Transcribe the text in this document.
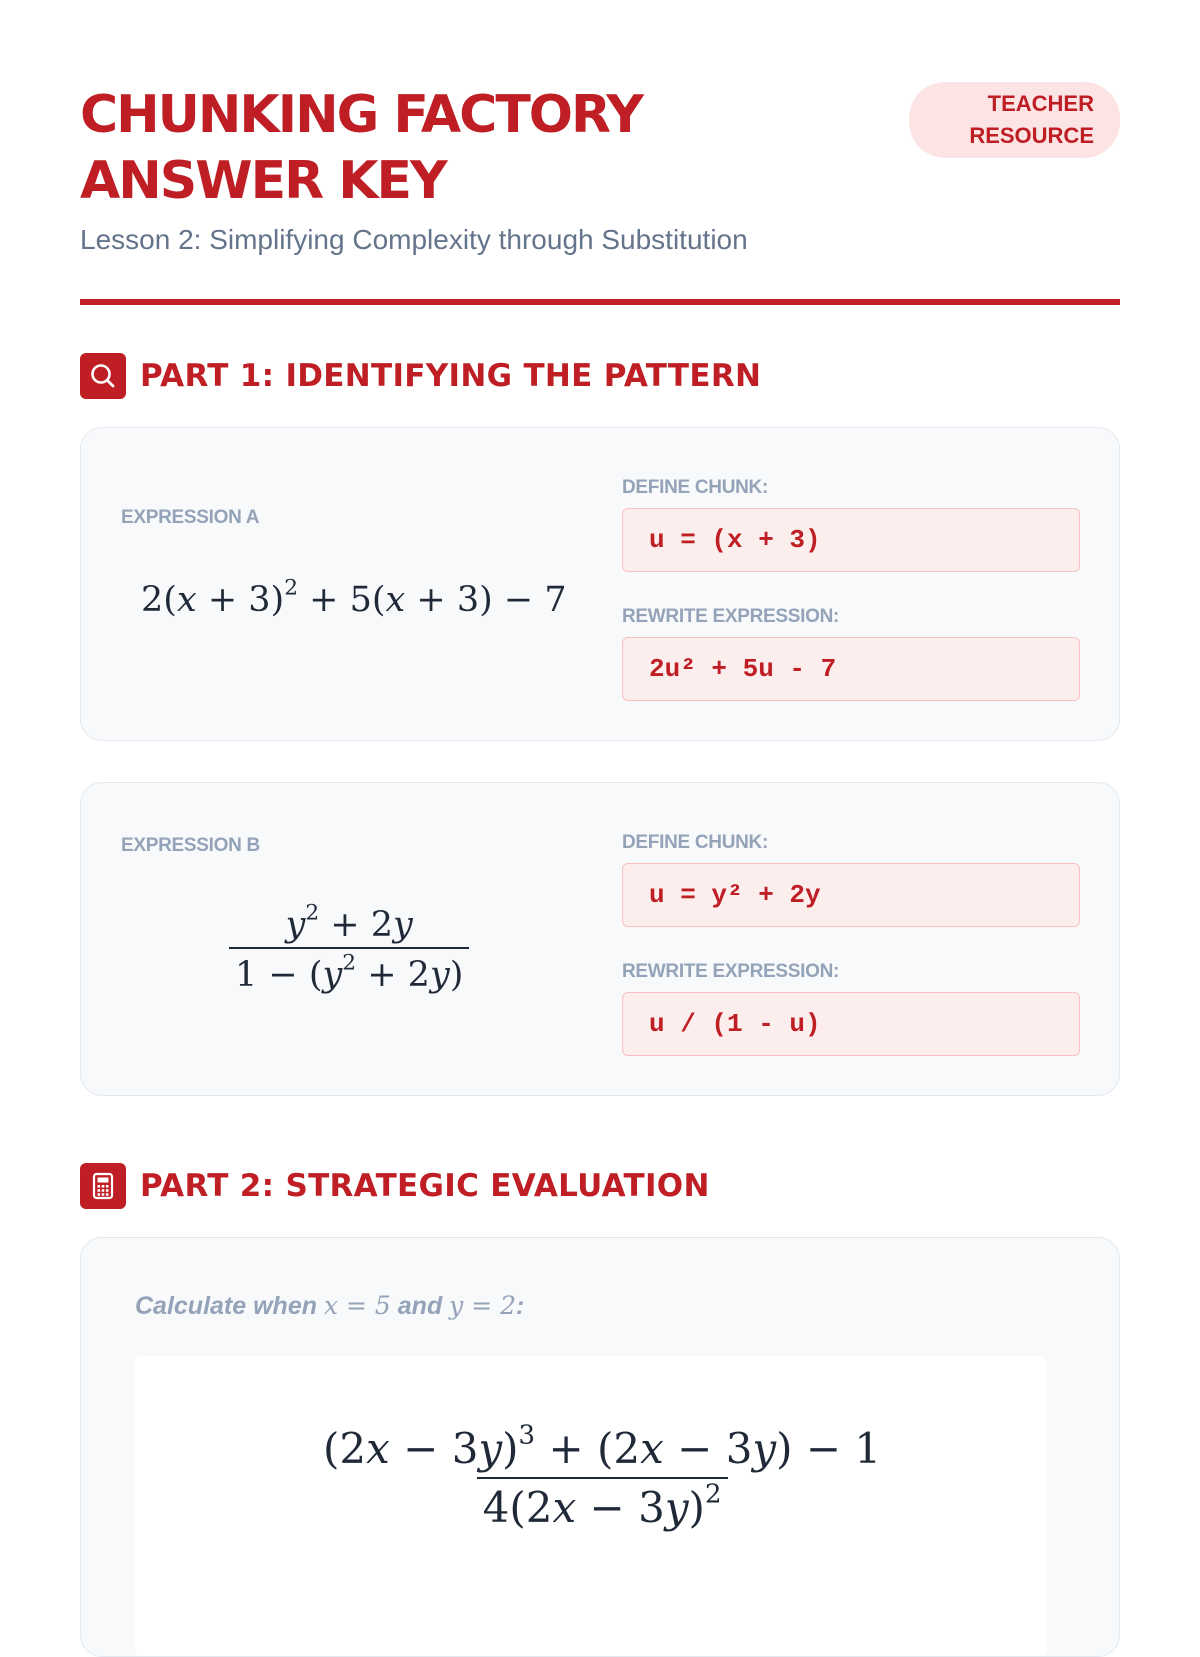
CHUNKING FACTORY
ANSWER KEY
Lesson 2: Simplifying Complexity through Substitution
TEACHER
RESOURCE
PART 1: IDENTIFYING THE PATTERN
EXPRESSION A
$2(x + 3)^2 + 5(x + 3) - 7$
DEFINE CHUNK:
u = (x + 3)
REWRITE EXPRESSION:
2u² + 5u - 7
EXPRESSION B
$\frac{y^2 + 2y}{1 - (y^2 + 2y)}$
DEFINE CHUNK:
u = y² + 2y
REWRITE EXPRESSION:
u / (1 - u)
PART 2: STRATEGIC EVALUATION
Calculate when x = 5 and y = 2:
$\frac{(2x - 3y)^3 + (2x - 3y) - 1}{4(2x - 3y)^2}$
